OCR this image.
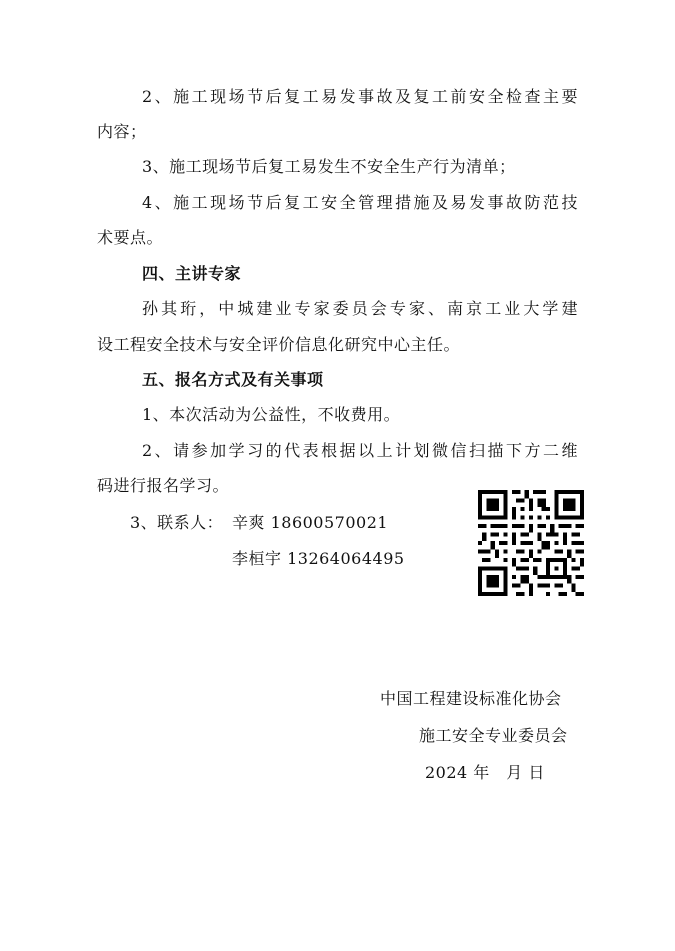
2、施工现场节后复工易发事故及复工前安全检查主要
内容；
3、施工现场节后复工易发生不安全生产行为清单；
4、施工现场节后复工安全管理措施及易发事故防范技
术要点。
四、主讲专家
孙其珩，中城建业专家委员会专家、南京工业大学建
设工程安全技术与安全评价信息化研究中心主任。
五、报名方式及有关事项
1、本次活动为公益性，不收费用。
2、请参加学习的代表根据以上计划微信扫描下方二维
码进行报名学习。
3、联系人： 辛爽 18600570021
李桓宇 13264064495
中国工程建设标准化协会
施工安全专业委员会
2024 年　月 日
